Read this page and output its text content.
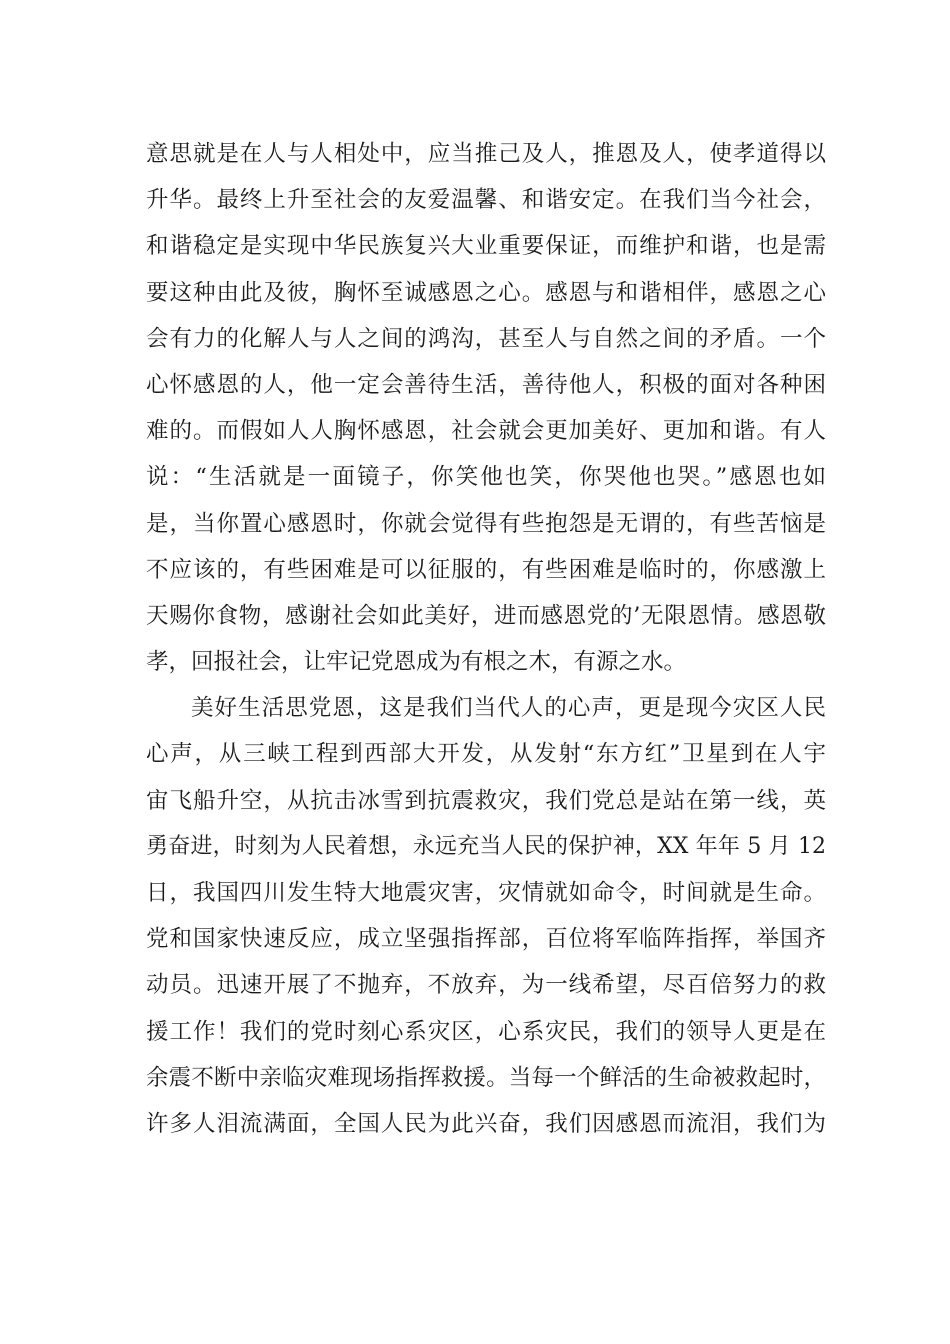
意思就是在人与人相处中，应当推己及人，推恩及人，使孝道得以
升华。最终上升至社会的友爱温馨、和谐安定。在我们当今社会，
和谐稳定是实现中华民族复兴大业重要保证，而维护和谐，也是需
要这种由此及彼，胸怀至诚感恩之心。感恩与和谐相伴，感恩之心
会有力的化解人与人之间的鸿沟，甚至人与自然之间的矛盾。一个
心怀感恩的人，他一定会善待生活，善待他人，积极的面对各种困
难的。而假如人人胸怀感恩，社会就会更加美好、更加和谐。有人
说：“生活就是一面镜子，你笑他也笑，你哭他也哭。”感恩也如
是，当你置心感恩时，你就会觉得有些抱怨是无谓的，有些苦恼是
不应该的，有些困难是可以征服的，有些困难是临时的，你感激上
天赐你食物，感谢社会如此美好，进而感恩党的’无限恩情。感恩敬
孝，回报社会，让牢记党恩成为有根之木，有源之水。
美好生活思党恩，这是我们当代人的心声，更是现今灾区人民
心声，从三峡工程到西部大开发，从发射“东方红”卫星到在人宇
宙飞船升空，从抗击冰雪到抗震救灾，我们党总是站在第一线，英
勇奋进，时刻为人民着想，永远充当人民的保护神，XX 年年 5 月 12
日，我国四川发生特大地震灾害，灾情就如命令，时间就是生命。
党和国家快速反应，成立坚强指挥部，百位将军临阵指挥，举国齐
动员。迅速开展了不抛弃，不放弃，为一线希望，尽百倍努力的救
援工作！我们的党时刻心系灾区，心系灾民，我们的领导人更是在
余震不断中亲临灾难现场指挥救援。当每一个鲜活的生命被救起时，
许多人泪流满面，全国人民为此兴奋，我们因感恩而流泪，我们为
